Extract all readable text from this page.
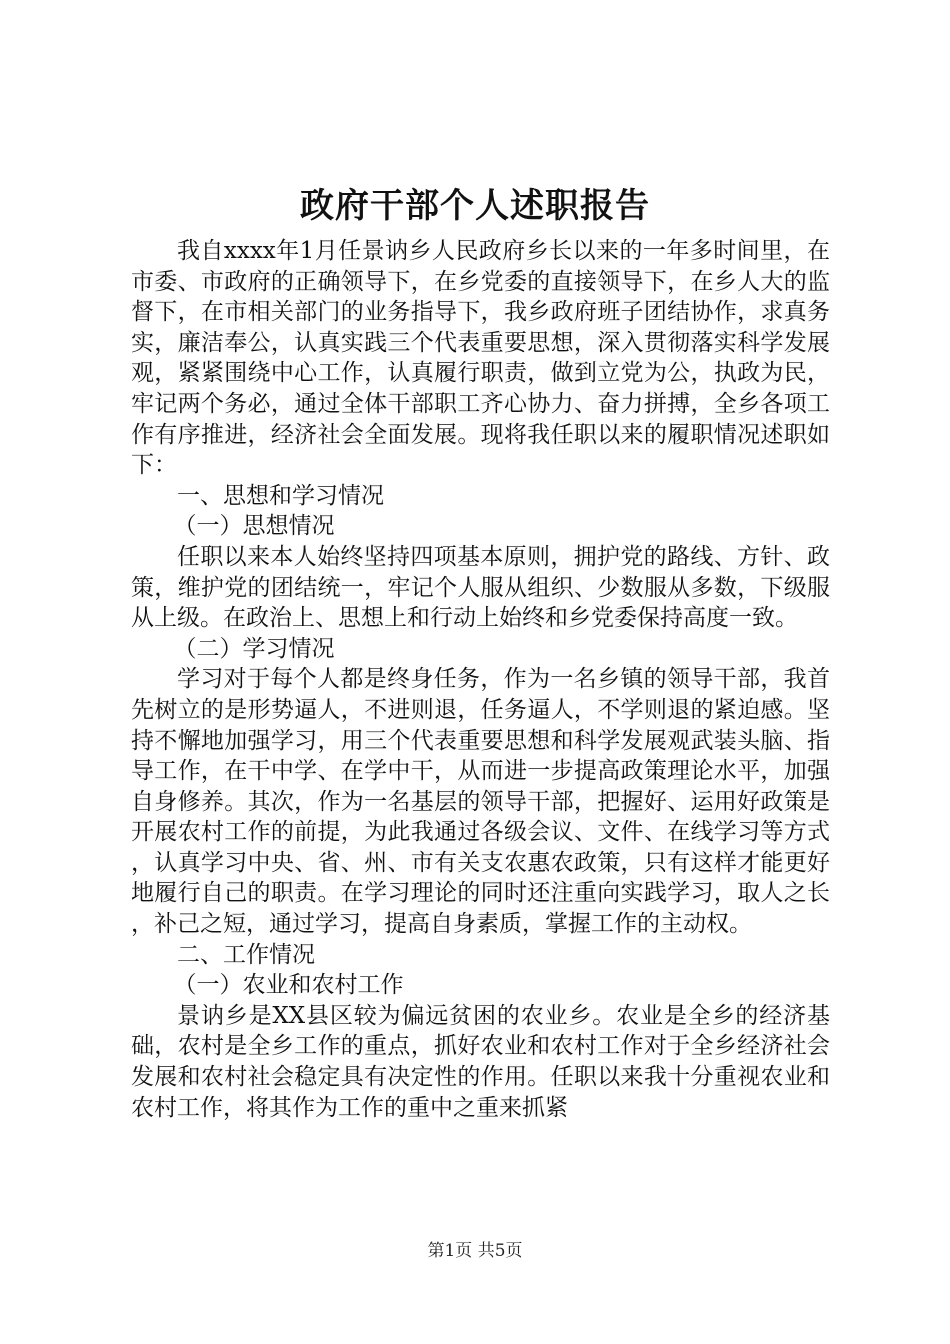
政府干部个人述职报告

我自xxxx年1月任景讷乡人民政府乡长以来的一年多时间里，在市委、市政府的正确领导下，在乡党委的直接领导下，在乡人大的监督下，在市相关部门的业务指导下，我乡政府班子团结协作，求真务实，廉洁奉公，认真实践三个代表重要思想，深入贯彻落实科学发展观，紧紧围绕中心工作，认真履行职责，做到立党为公，执政为民，牢记两个务必，通过全体干部职工齐心协力、奋力拼搏，全乡各项工作有序推进，经济社会全面发展。现将我任职以来的履职情况述职如下：

一、思想和学习情况

（一）思想情况

任职以来本人始终坚持四项基本原则，拥护党的路线、方针、政策，维护党的团结统一，牢记个人服从组织、少数服从多数，下级服从上级。在政治上、思想上和行动上始终和乡党委保持高度一致。

（二）学习情况

学习对于每个人都是终身任务，作为一名乡镇的领导干部，我首先树立的是形势逼人，不进则退，任务逼人，不学则退的紧迫感。坚持不懈地加强学习，用三个代表重要思想和科学发展观武装头脑、指导工作，在干中学、在学中干，从而进一步提高政策理论水平，加强自身修养。其次，作为一名基层的领导干部，把握好、运用好政策是开展农村工作的前提，为此我通过各级会议、文件、在线学习等方式，认真学习中央、省、州、市有关支农惠农政策，只有这样才能更好地履行自己的职责。在学习理论的同时还注重向实践学习，取人之长，补己之短，通过学习，提高自身素质，掌握工作的主动权。

二、工作情况

（一）农业和农村工作

景讷乡是XX县区较为偏远贫困的农业乡。农业是全乡的经济基础，农村是全乡工作的重点，抓好农业和农村工作对于全乡经济社会发展和农村社会稳定具有决定性的作用。任职以来我十分重视农业和农村工作，将其作为工作的重中之重来抓紧

第1页 共5页
